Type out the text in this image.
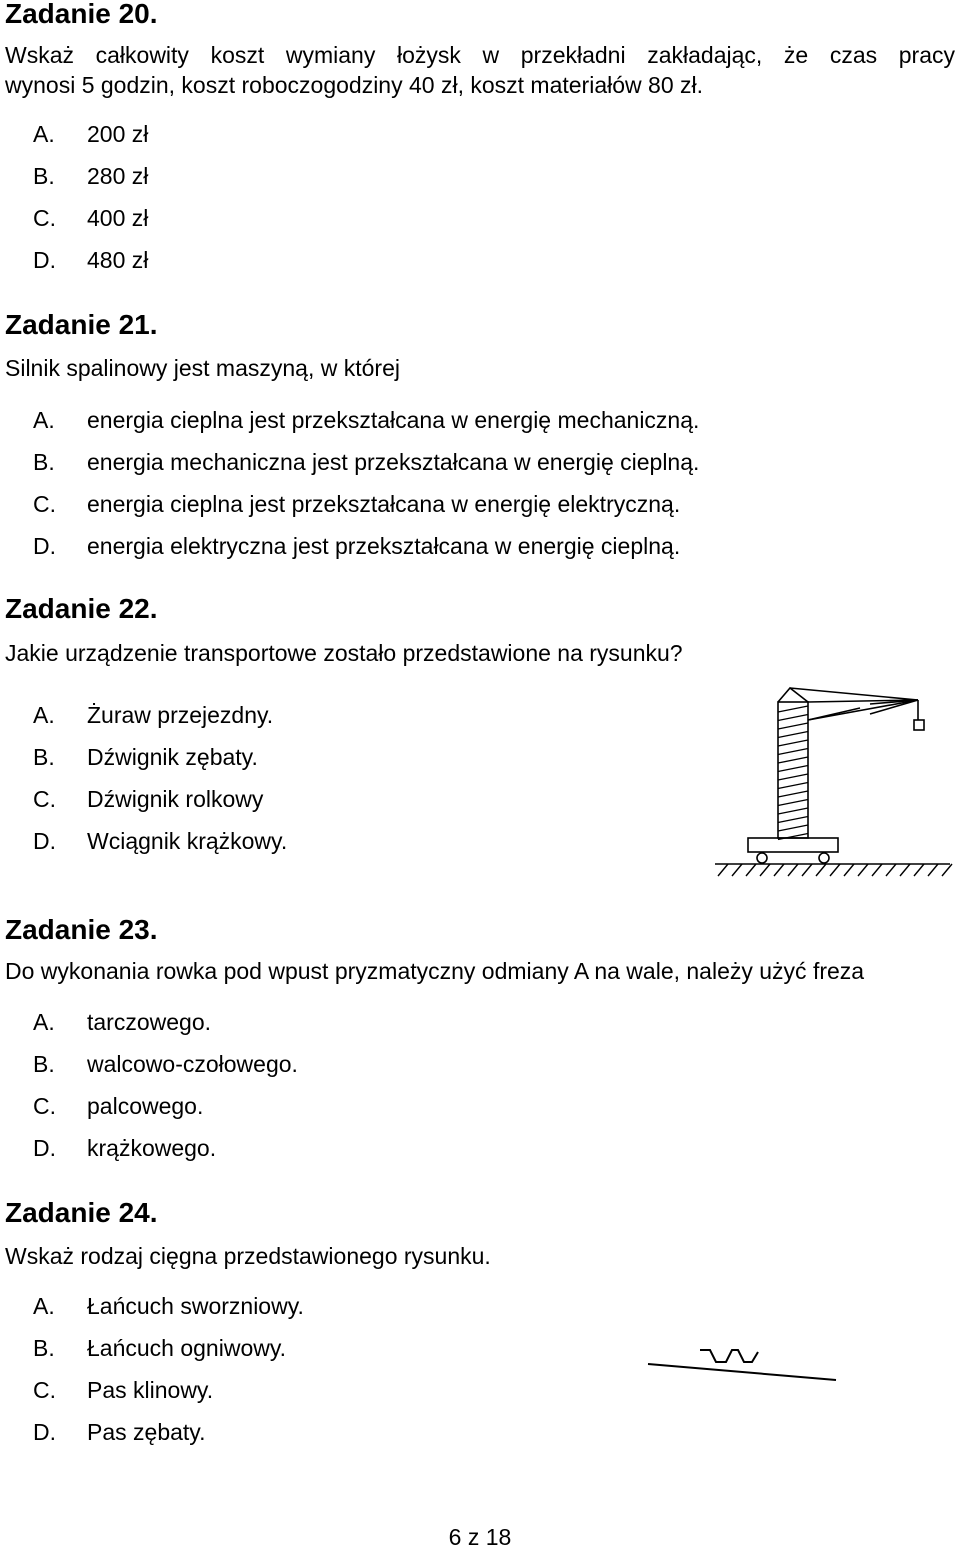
Zadanie 20.
Wskaż całkowity koszt wymiany łożysk w przekładni zakładając, że czas pracy
wynosi 5 godzin, koszt roboczogodziny 40 zł, koszt materiałów 80 zł.
A. 200 zł
B. 280 zł
C. 400 zł
D. 480 zł
Zadanie 21.
Silnik spalinowy jest maszyną, w której
A. energia cieplna jest przekształcana w energię mechaniczną.
B. energia mechaniczna jest przekształcana w energię cieplną.
C. energia cieplna jest przekształcana w energię elektryczną.
D. energia elektryczna jest przekształcana w energię cieplną.
Zadanie 22.
Jakie urządzenie transportowe zostało przedstawione na rysunku?
A. Żuraw przejezdny.
B. Dźwignik zębaty.
C. Dźwignik rolkowy
D. Wciągnik krążkowy.
Zadanie 23.
Do wykonania rowka pod wpust pryzmatyczny odmiany A na wale, należy użyć freza
A. tarczowego.
B. walcowo-czołowego.
C. palcowego.
D. krążkowego.
Zadanie 24.
Wskaż rodzaj cięgna przedstawionego rysunku.
A. Łańcuch sworzniowy.
B. Łańcuch ogniwowy.
C. Pas klinowy.
D. Pas zębaty.
6 z 18
